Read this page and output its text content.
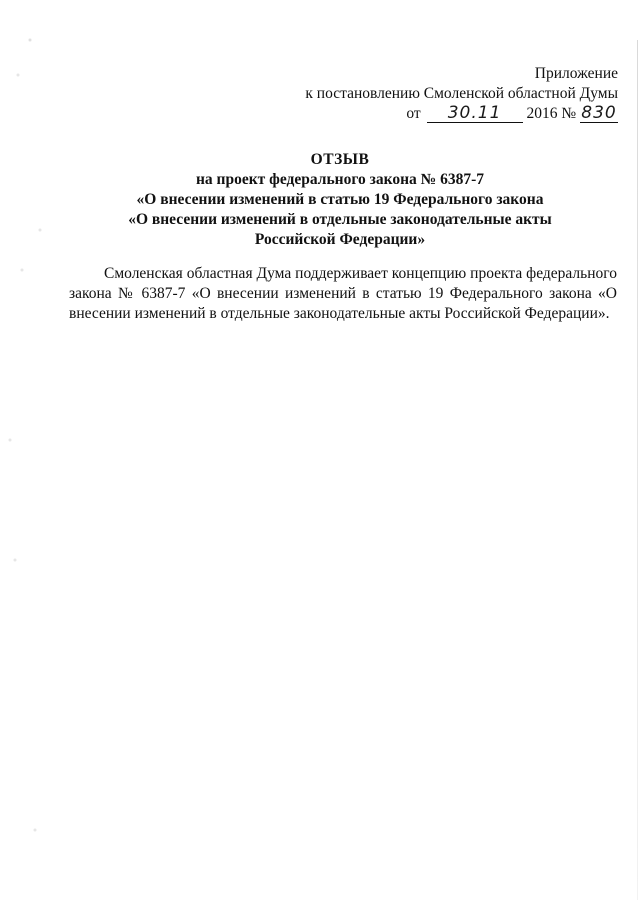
Приложение
к постановлению Смоленской областной Думы
от 30.11 2016 № 830
ОТЗЫВ
на проект федерального закона № 6387-7
«О внесении изменений в статью 19 Федерального закона
«О внесении изменений в отдельные законодательные акты
Российской Федерации»

Смоленская областная Дума поддерживает концепцию проекта федерального закона № 6387-7 «О внесении изменений в статью 19 Федерального закона «О внесении изменений в отдельные законодательные акты Российской Федерации».
